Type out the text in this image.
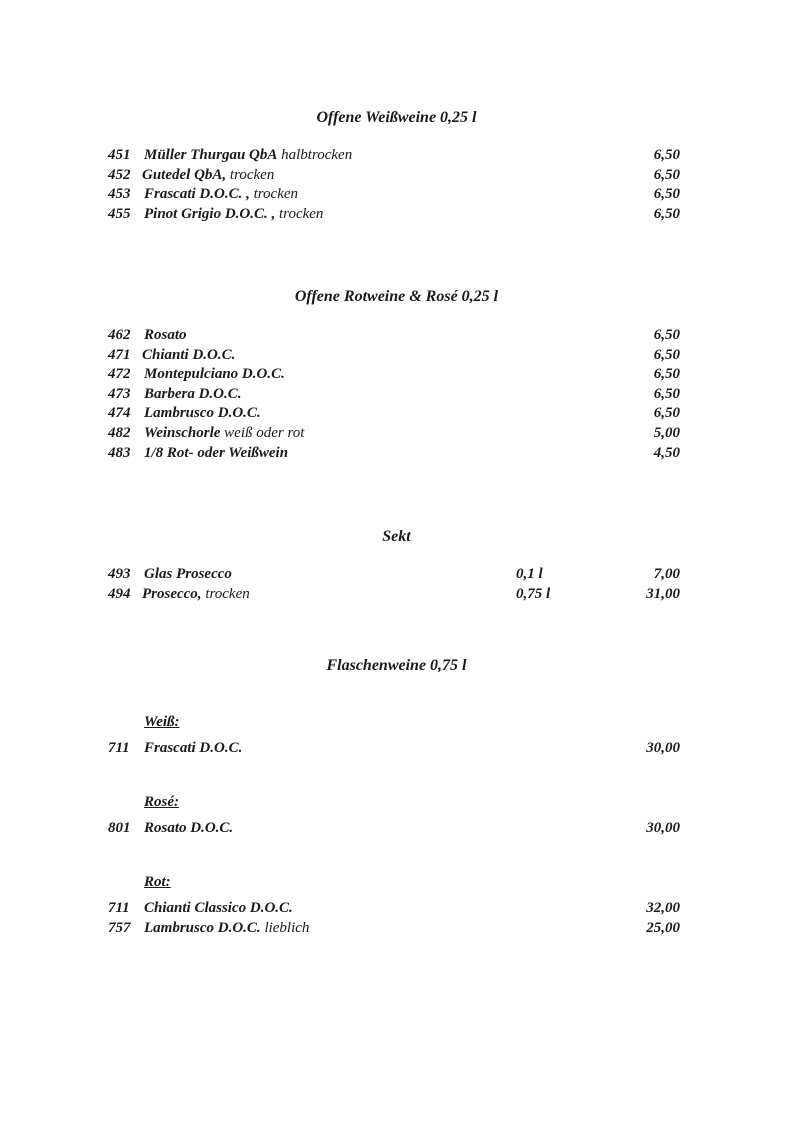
Offene Weißweine 0,25 l
451 Müller Thurgau QbA halbtrocken	6,50
452 Gutedel QbA, trocken	6,50
453 Frascati D.O.C. , trocken	6,50
455 Pinot Grigio D.O.C. , trocken	6,50
Offene Rotweine & Rosé 0,25 l
462 Rosato	6,50
471 Chianti D.O.C.	6,50
472 Montepulciano D.O.C.	6,50
473 Barbera D.O.C.	6,50
474 Lambrusco D.O.C.	6,50
482 Weinschorle weiß oder rot	5,00
483 1/8 Rot- oder Weißwein	4,50
Sekt
493 Glas Prosecco	0,1 l	7,00
494 Prosecco, trocken	0,75 l	31,00
Flaschenweine 0,75 l
Weiß:
711 Frascati D.O.C.	30,00
Rosé:
801 Rosato D.O.C.	30,00
Rot:
711 Chianti Classico D.O.C.	32,00
757 Lambrusco D.O.C. lieblich	25,00
